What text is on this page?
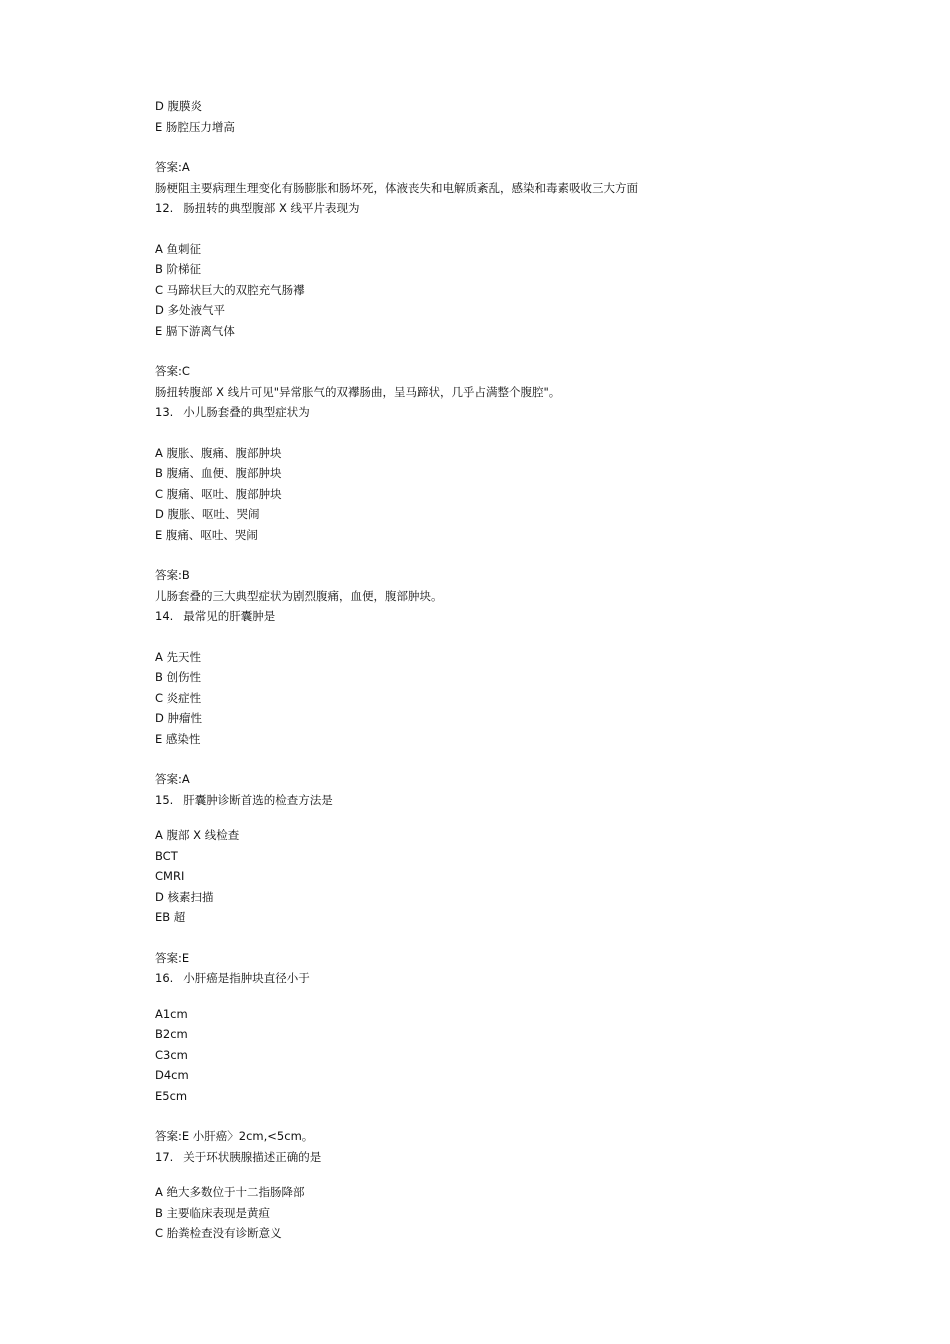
D 腹膜炎
E 肠腔压力增高
答案:A
肠梗阻主要病理生理变化有肠膨胀和肠坏死，体液丧失和电解质紊乱，感染和毒素吸收三大方面
12. 肠扭转的典型腹部 X 线平片表现为
A 鱼刺征
B 阶梯征
C 马蹄状巨大的双腔充气肠襻
D 多处液气平
E 膈下游离气体
答案:C
肠扭转腹部 X 线片可见"异常胀气的双襻肠曲，呈马蹄状，几乎占满整个腹腔"。
13. 小儿肠套叠的典型症状为
A 腹胀、腹痛、腹部肿块
B 腹痛、血便、腹部肿块
C 腹痛、呕吐、腹部肿块
D 腹胀、呕吐、哭闹
E 腹痛、呕吐、哭闹
答案:B
儿肠套叠的三大典型症状为剧烈腹痛，血便，腹部肿块。
14. 最常见的肝囊肿是
A 先天性
B 创伤性
C 炎症性
D 肿瘤性
E 感染性
答案:A
15. 肝囊肿诊断首选的检查方法是
A 腹部 X 线检查
BCT
CMRI
D 核素扫描
EB 超
答案:E
16. 小肝癌是指肿块直径小于
A1cm
B2cm
C3cm
D4cm
E5cm
答案:E 小肝癌〉2cm,<5cm。
17. 关于环状胰腺描述正确的是
A 绝大多数位于十二指肠降部
B 主要临床表现是黄疸
C 胎粪检查没有诊断意义
